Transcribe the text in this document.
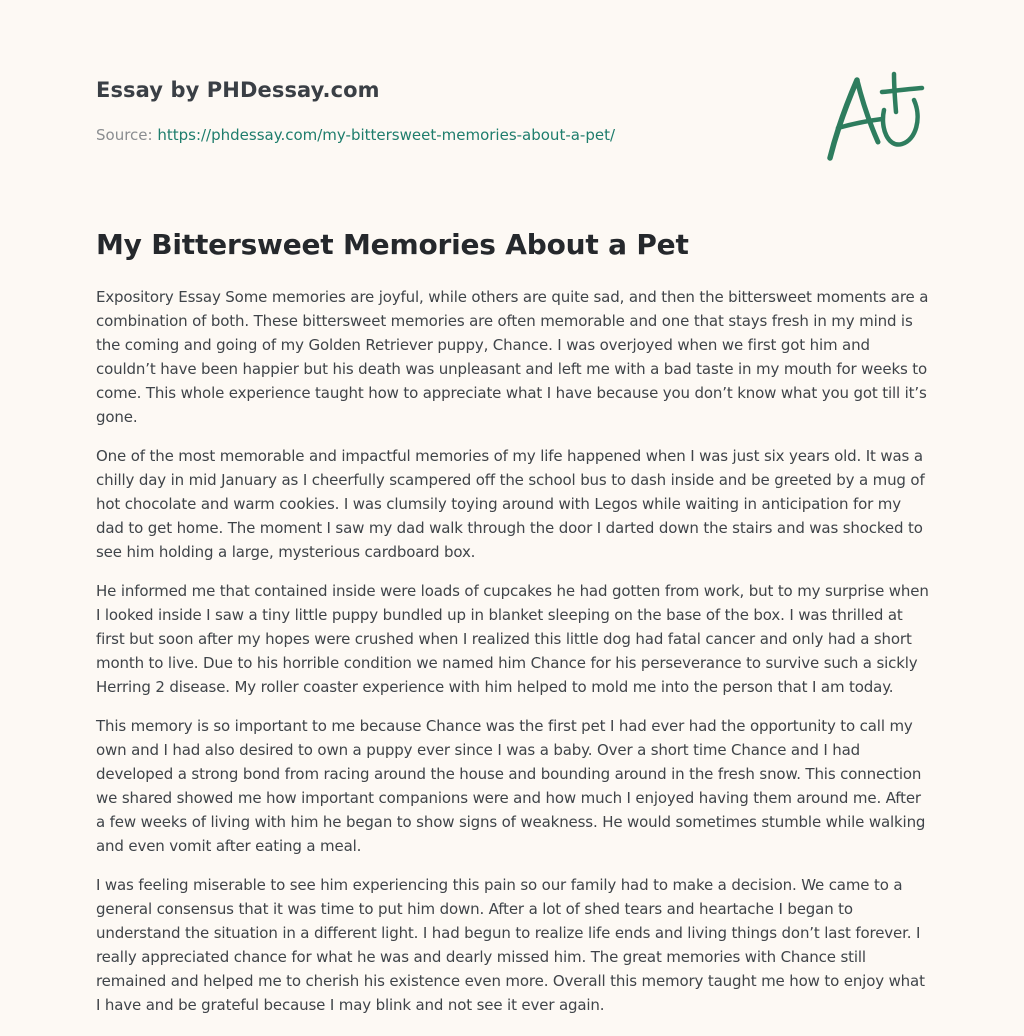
Essay by PHDessay.com
Source: https://phdessay.com/my-bittersweet-memories-about-a-pet/
My Bittersweet Memories About a Pet

Expository Essay Some memories are joyful, while others are quite sad, and then the bittersweet moments are a combination of both. These bittersweet memories are often memorable and one that stays fresh in my mind is the coming and going of my Golden Retriever puppy, Chance. I was overjoyed when we first got him and couldn’t have been happier but his death was unpleasant and left me with a bad taste in my mouth for weeks to come. This whole experience taught how to appreciate what I have because you don’t know what you got till it’s gone.

One of the most memorable and impactful memories of my life happened when I was just six years old. It was a chilly day in mid January as I cheerfully scampered off the school bus to dash inside and be greeted by a mug of hot chocolate and warm cookies. I was clumsily toying around with Legos while waiting in anticipation for my dad to get home. The moment I saw my dad walk through the door I darted down the stairs and was shocked to see him holding a large, mysterious cardboard box.

He informed me that contained inside were loads of cupcakes he had gotten from work, but to my surprise when I looked inside I saw a tiny little puppy bundled up in blanket sleeping on the base of the box. I was thrilled at first but soon after my hopes were crushed when I realized this little dog had fatal cancer and only had a short month to live. Due to his horrible condition we named him Chance for his perseverance to survive such a sickly Herring 2 disease. My roller coaster experience with him helped to mold me into the person that I am today.

This memory is so important to me because Chance was the first pet I had ever had the opportunity to call my own and I had also desired to own a puppy ever since I was a baby. Over a short time Chance and I had developed a strong bond from racing around the house and bounding around in the fresh snow. This connection we shared showed me how important companions were and how much I enjoyed having them around me. After a few weeks of living with him he began to show signs of weakness. He would sometimes stumble while walking and even vomit after eating a meal.

I was feeling miserable to see him experiencing this pain so our family had to make a decision. We came to a general consensus that it was time to put him down. After a lot of shed tears and heartache I began to understand the situation in a different light. I had begun to realize life ends and living things don’t last forever. I really appreciated chance for what he was and dearly missed him. The great memories with Chance still remained and helped me to cherish his existence even more. Overall this memory taught me how to enjoy what I have and be grateful because I may blink and not see it ever again.
